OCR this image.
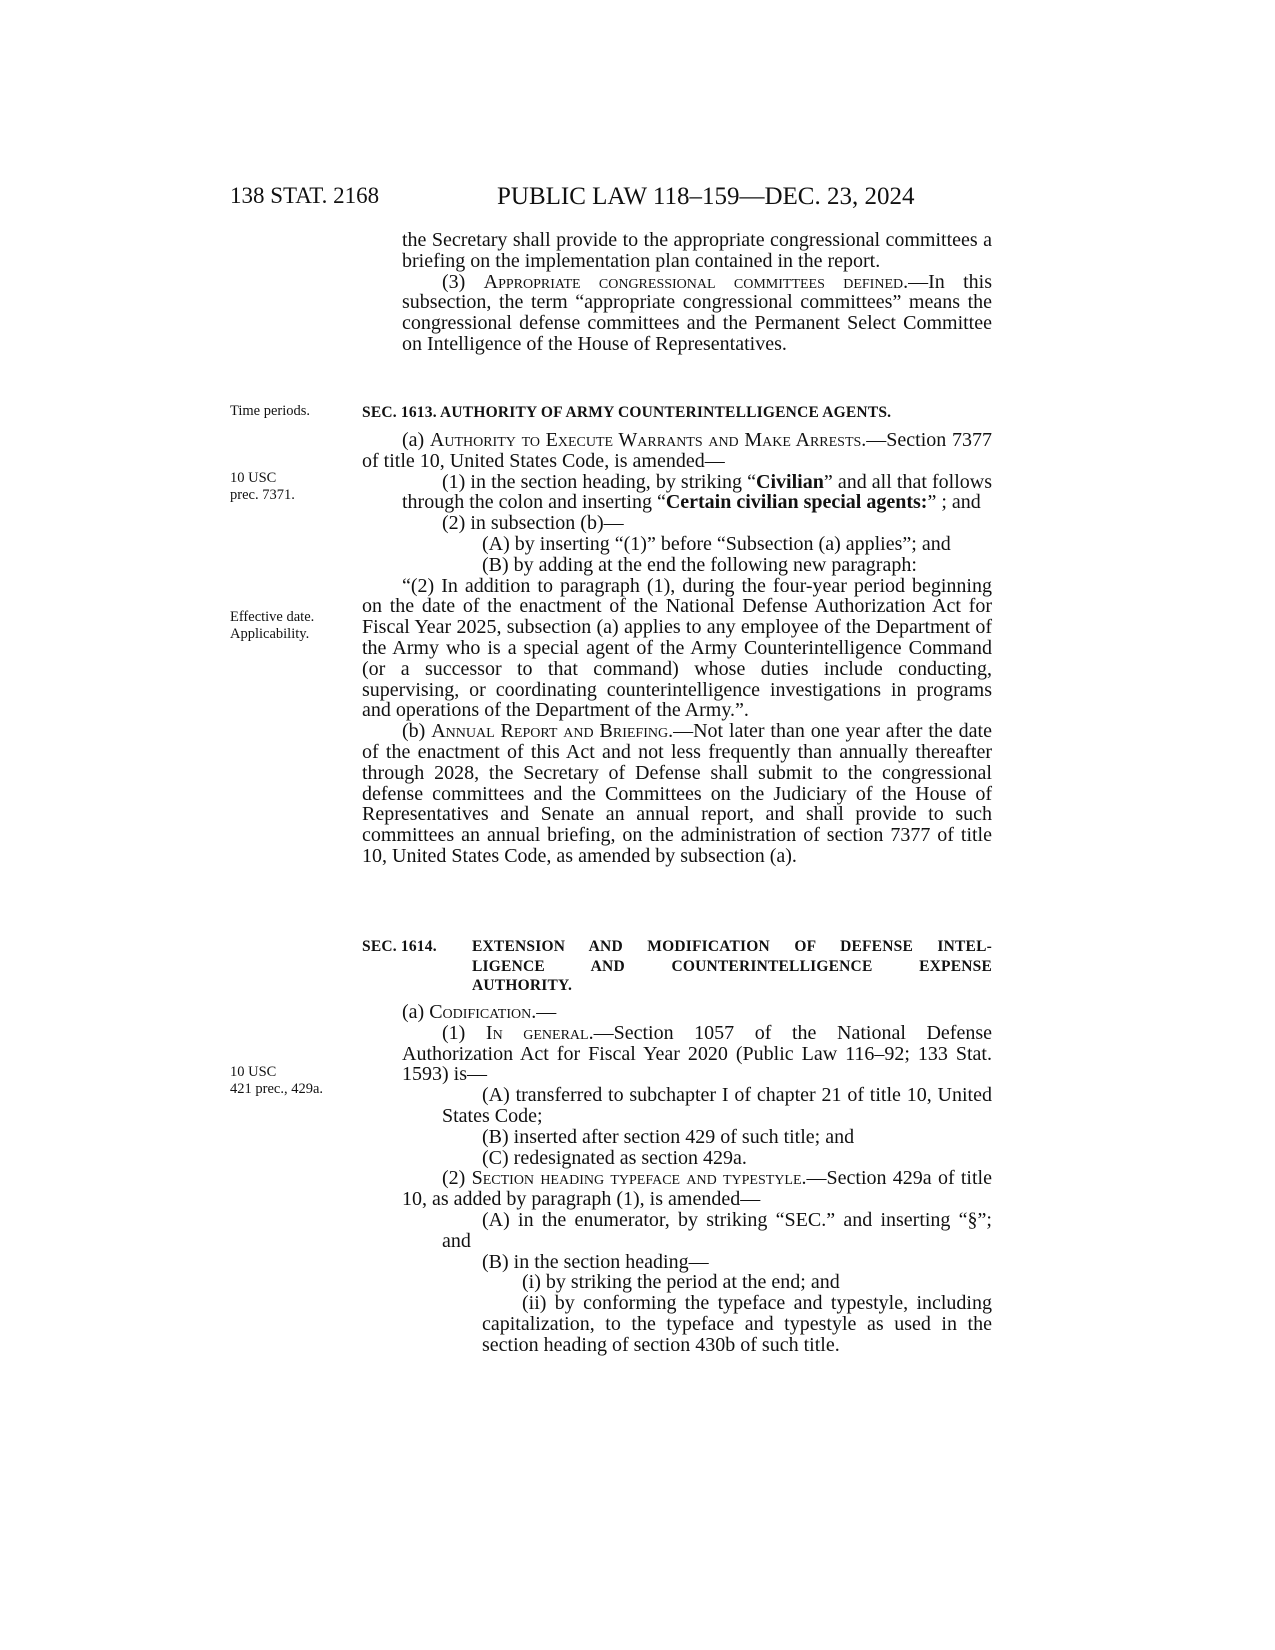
138 STAT. 2168	PUBLIC LAW 118–159—DEC. 23, 2024
Time periods.
10 USC
prec. 7371.
Effective date.
Applicability.
10 USC
421 prec., 429a.

the Secretary shall provide to the appropriate congressional committees a briefing on the implementation plan contained in the report.

(3) Appropriate congressional committees defined.—In this subsection, the term “appropriate congressional committees” means the congressional defense committees and the Permanent Select Committee on Intelligence of the House of Representatives.

SEC. 1613. AUTHORITY OF ARMY COUNTERINTELLIGENCE AGENTS.

(a) Authority to Execute Warrants and Make Arrests.—Section 7377 of title 10, United States Code, is amended—

(1) in the section heading, by striking “Civilian” and all that follows through the colon and inserting “Certain civilian special agents:” ; and

(2) in subsection (b)—

(A) by inserting “(1)” before “Subsection (a) applies”; and

(B) by adding at the end the following new paragraph:

“(2) In addition to paragraph (1), during the four-year period beginning on the date of the enactment of the National Defense Authorization Act for Fiscal Year 2025, subsection (a) applies to any employee of the Department of the Army who is a special agent of the Army Counterintelligence Command (or a successor to that command) whose duties include conducting, supervising, or coordinating counterintelligence investigations in programs and operations of the Department of the Army.”.

(b) Annual Report and Briefing.—Not later than one year after the date of the enactment of this Act and not less frequently than annually thereafter through 2028, the Secretary of Defense shall submit to the congressional defense committees and the Committees on the Judiciary of the House of Representatives and Senate an annual report, and shall provide to such committees an annual briefing, on the administration of section 7377 of title 10, United States Code, as amended by subsection (a).

SEC. 1614.	EXTENSION AND MODIFICATION OF DEFENSE INTEL-
LIGENCE AND COUNTERINTELLIGENCE EXPENSE
AUTHORITY.

(a) Codification.—

(1) In general.—Section 1057 of the National Defense Authorization Act for Fiscal Year 2020 (Public Law 116–92; 133 Stat. 1593) is—

(A) transferred to subchapter I of chapter 21 of title 10, United States Code;

(B) inserted after section 429 of such title; and

(C) redesignated as section 429a.

(2) Section heading typeface and typestyle.—Section 429a of title 10, as added by paragraph (1), is amended—

(A) in the enumerator, by striking “SEC.” and inserting “§”; and

(B) in the section heading—

(i) by striking the period at the end; and

(ii) by conforming the typeface and typestyle, including capitalization, to the typeface and typestyle as used in the section heading of section 430b of such title.
